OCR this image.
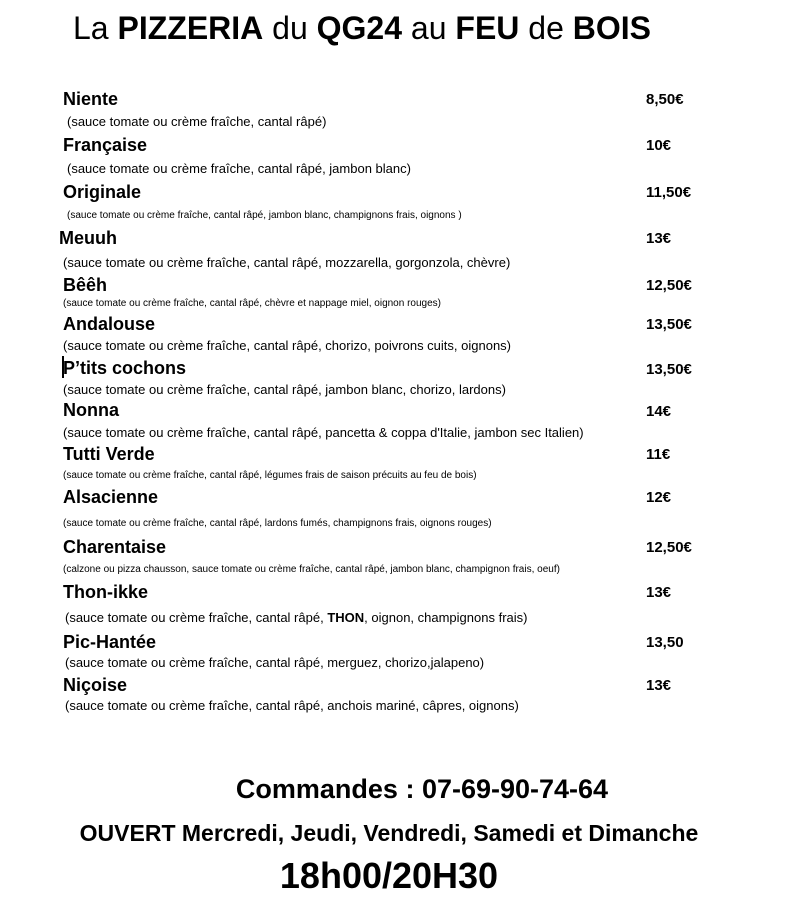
La PIZZERIA du QG24 au FEU de BOIS
Niente	8,50€
(sauce tomate ou crème fraîche, cantal râpé)
Française	10€
(sauce tomate ou crème fraîche, cantal râpé, jambon blanc)
Originale	11,50€
(sauce tomate ou crème fraîche, cantal râpé, jambon blanc, champignons frais, oignons )
Meuuh	13€
(sauce tomate ou crème fraîche, cantal râpé, mozzarella, gorgonzola, chèvre)
Bêêh	12,50€
(sauce tomate ou crème fraîche, cantal râpé, chèvre et nappage miel, oignon rouges)
Andalouse	13,50€
(sauce tomate ou crème fraîche, cantal râpé, chorizo, poivrons cuits, oignons)
P’tits cochons	13,50€
(sauce tomate ou crème fraîche, cantal râpé, jambon blanc, chorizo, lardons)
Nonna	14€
(sauce tomate ou crème fraîche, cantal râpé, pancetta & coppa d'Italie, jambon sec Italien)
Tutti Verde	11€
(sauce tomate ou crème fraîche, cantal râpé, légumes frais de saison précuits au feu de bois)
Alsacienne	12€
(sauce tomate ou crème fraîche, cantal râpé, lardons fumés, champignons frais, oignons rouges)
Charentaise	12,50€
(calzone ou pizza chausson, sauce tomate ou crème fraîche, cantal râpé, jambon blanc, champignon frais, oeuf)
Thon-ikke	13€
(sauce tomate ou crème fraîche, cantal râpé, THON, oignon, champignons frais)
Pic-Hantée	13,50
(sauce tomate ou crème fraîche, cantal râpé, merguez, chorizo,jalapeno)
Niçoise	13€
(sauce tomate ou crème fraîche, cantal râpé, anchois mariné, câpres, oignons)
Commandes : 07-69-90-74-64
OUVERT Mercredi, Jeudi, Vendredi, Samedi et Dimanche
18h00/20H30
